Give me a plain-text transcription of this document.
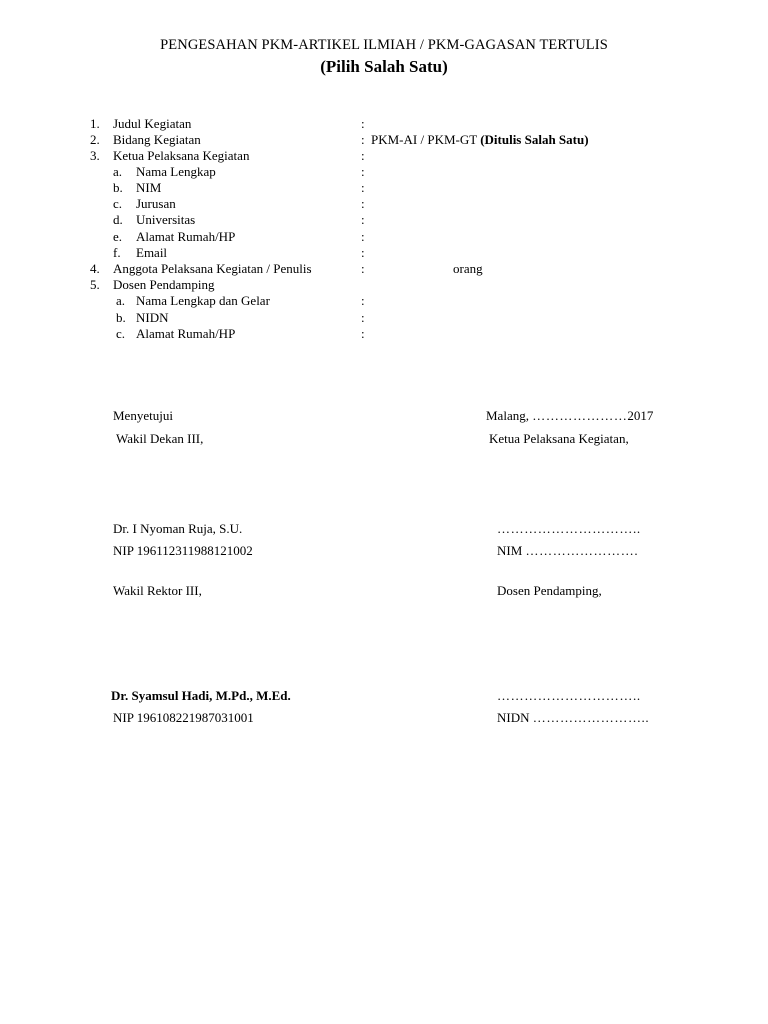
PENGESAHAN PKM-ARTIKEL ILMIAH / PKM-GAGASAN TERTULIS
(Pilih Salah Satu)
1. Judul Kegiatan	:
2. Bidang Kegiatan	: PKM-AI / PKM-GT (Ditulis Salah Satu)
3. Ketua Pelaksana Kegiatan	:
a. Nama Lengkap	:
b. NIM	:
c. Jurusan	:
d. Universitas	:
e. Alamat Rumah/HP	:
f. Email	:
4. Anggota Pelaksana Kegiatan / Penulis	:	orang
5. Dosen Pendamping
a. Nama Lengkap dan Gelar	:
b. NIDN	:
c. Alamat Rumah/HP	:
Menyetujui	Malang, …………………2017
Wakil Dekan III,	Ketua Pelaksana Kegiatan,
Dr. I Nyoman Ruja, S.U.	…………………………..
NIP 196112311988121002	NIM …………………….
Wakil Rektor III,	Dosen Pendamping,
Dr. Syamsul Hadi, M.Pd., M.Ed.	…………………………..
NIP 196108221987031001	NIDN ……………………..
